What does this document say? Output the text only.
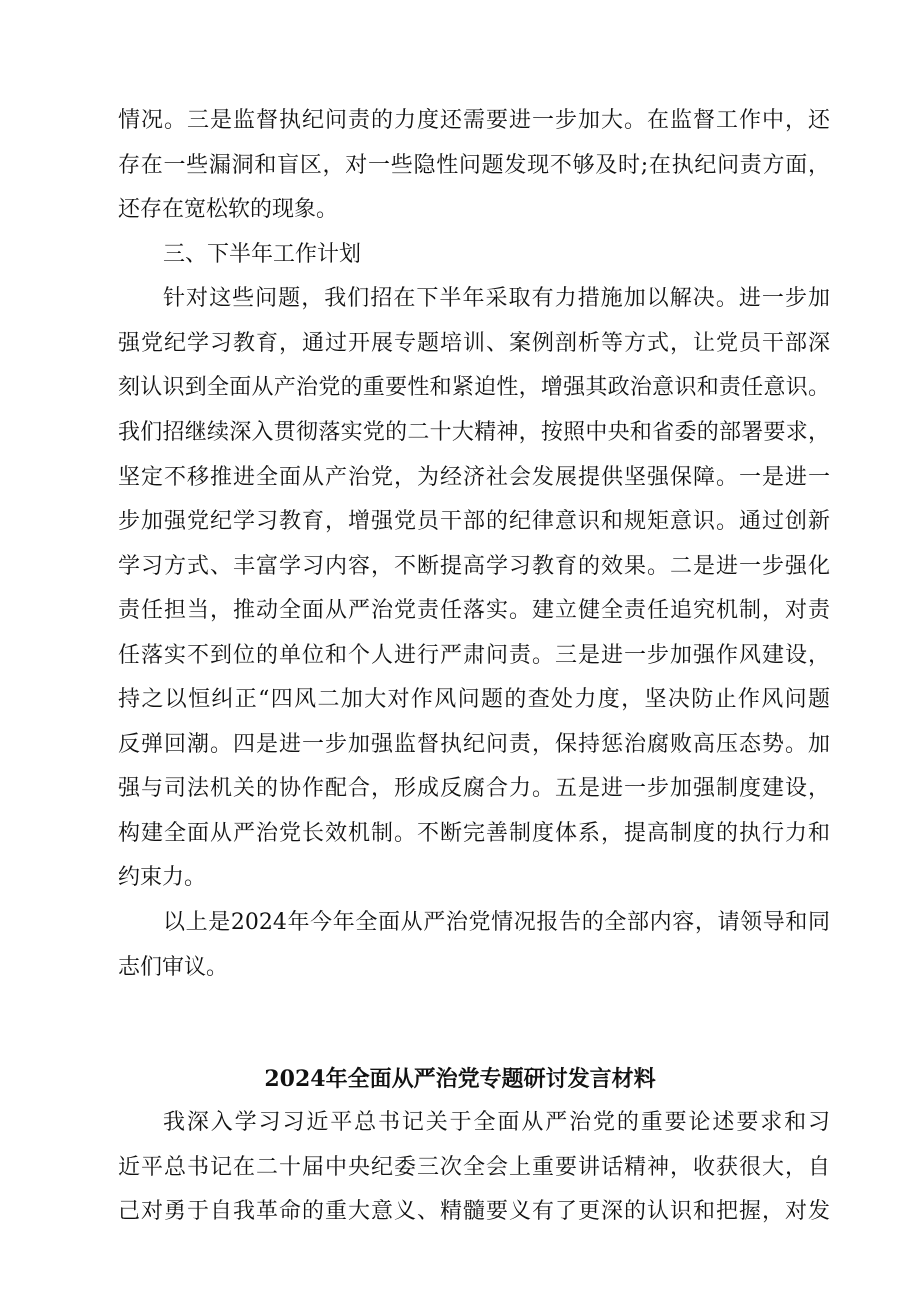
情况。三是监督执纪问责的力度还需要进一步加大。在监督工作中，还
存在一些漏洞和盲区，对一些隐性问题发现不够及时;在执纪问责方面，
还存在宽松软的现象。
三、下半年工作计划
针对这些问题，我们招在下半年采取有力措施加以解决。进一步加
强党纪学习教育，通过开展专题培训、案例剖析等方式，让党员干部深
刻认识到全面从产治党的重要性和紧迫性，增强其政治意识和责任意识。
我们招继续深入贯彻落实党的二十大精神，按照中央和省委的部署要求，
坚定不移推进全面从产治党，为经济社会发展提供坚强保障。一是进一
步加强党纪学习教育，增强党员干部的纪律意识和规矩意识。通过创新
学习方式、丰富学习内容，不断提高学习教育的效果。二是进一步强化
责任担当，推动全面从严治党责任落实。建立健全责任追究机制，对责
任落实不到位的单位和个人进行严肃问责。三是进一步加强作风建设，
持之以恒纠正“四风二加大对作风问题的查处力度，坚决防止作风问题
反弹回潮。四是进一步加强监督执纪问责，保持惩治腐败高压态势。加
强与司法机关的协作配合，形成反腐合力。五是进一步加强制度建设，
构建全面从严治党长效机制。不断完善制度体系，提高制度的执行力和
约束力。
以上是2024年今年全面从严治党情况报告的全部内容，请领导和同
志们审议。
2024年全面从严治党专题研讨发言材料
我深入学习习近平总书记关于全面从严治党的重要论述要求和习
近平总书记在二十届中央纪委三次全会上重要讲话精神，收获很大，自
己对勇于自我革命的重大意义、精髓要义有了更深的认识和把握，对发
